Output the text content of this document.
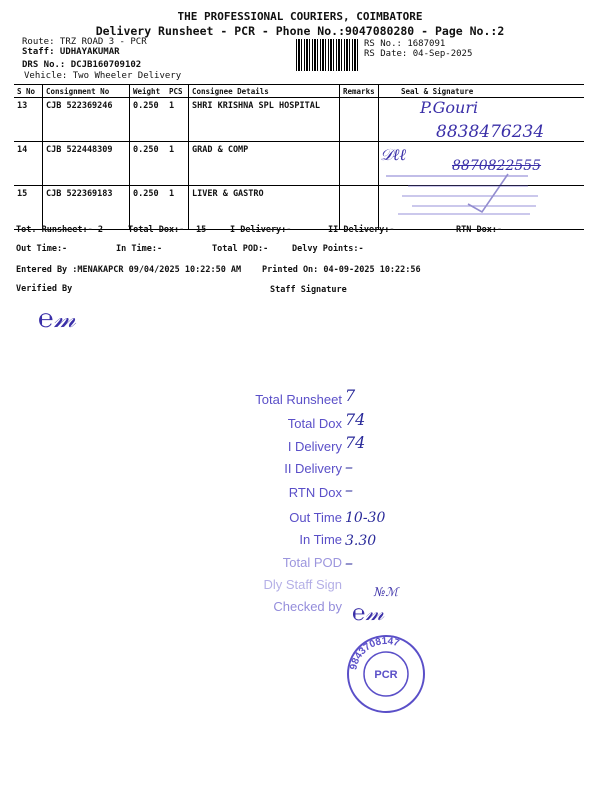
THE PROFESSIONAL COURIERS, COIMBATORE
Delivery Runsheet - PCR - Phone No.:9047080280 - Page No.:2
Route: TRZ ROAD 3 - PCR
Staff: UDHAYAKUMAR
DRS No.: DCJB160709102
Vehicle: Two Wheeler Delivery
RS No.: 1687091
RS Date: 04-Sep-2025
S No	Consignment No	Weight	PCS	Consignee Details	Remarks	Seal & Signature
13	CJB 522369246	0.250	1	SHRI KRISHNA SPL HOSPITAL		
14	CJB 522448309	0.250	1	GRAD & COMP		
15	CJB 522369183	0.250	1	LIVER & GASTRO		
P.Gouri
8838476234
𝒟ℓℓ
8870822555
Tot. Runsheet:- 2	Total Dox:- 15	I Delivery:-	II Delivery:-	RTN Dox:-
Out Time:-	In Time:-	Total POD:-	Delvy Points:-
Entered By :MENAKAPCR 09/04/2025 10:22:50 AM Printed On: 04-09-2025 10:22:56
Verified By	Staff Signature
℮𝓂
Total Runsheet 7
Total Dox 74
I Delivery 74
II Delivery –
RTN Dox –
Out Time 10-30
In Time 3.30
Total POD –
Dly Staff Sign
Checked by
№ℳ
℮𝓂
9843708147
PCR
